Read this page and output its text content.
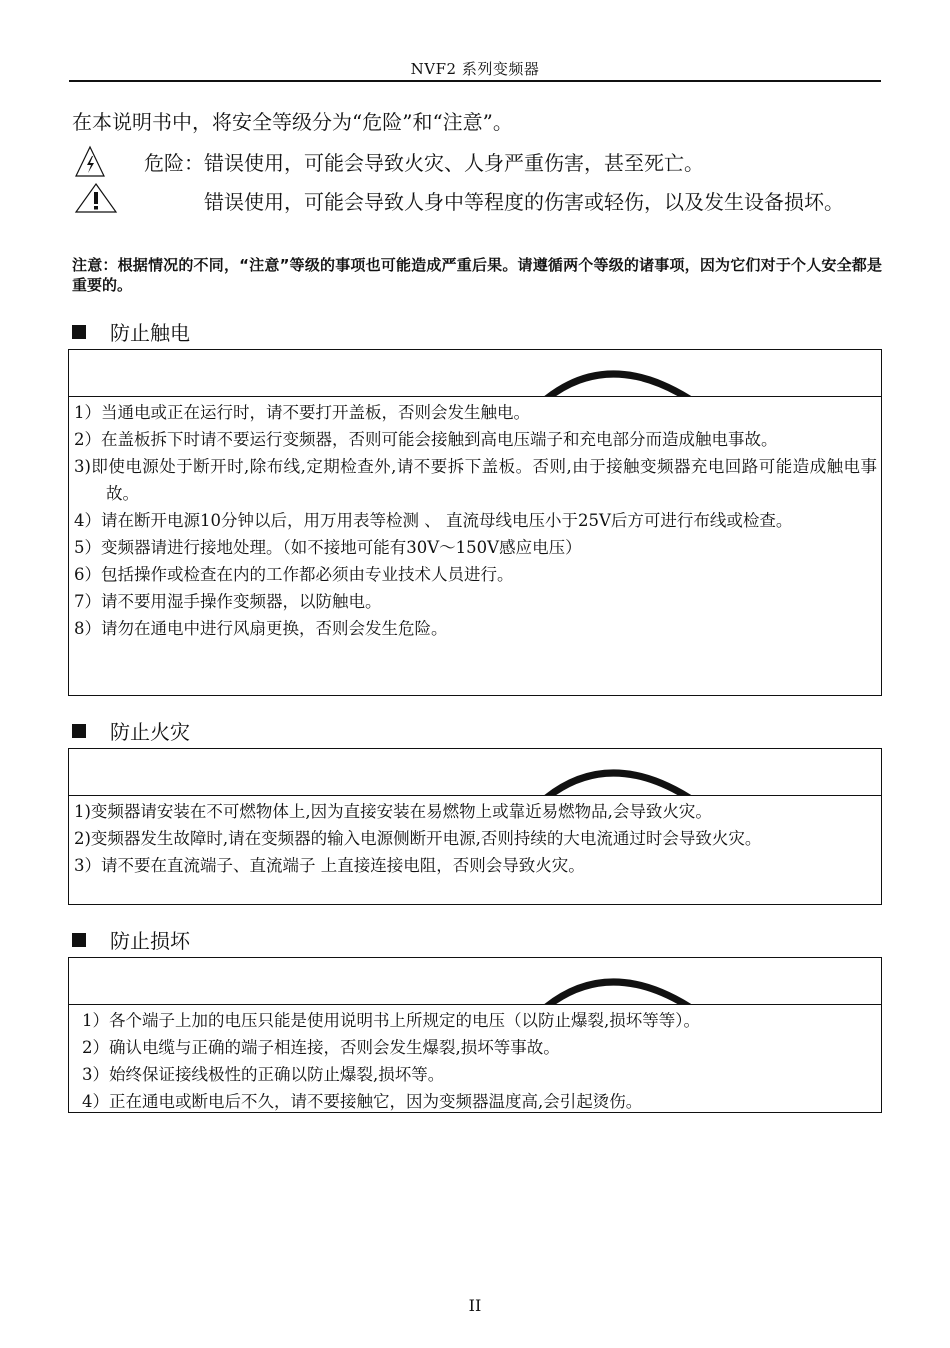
NVF2 系列变频器
在本说明书中，将安全等级分为“危险”和“注意”。
危险：错误使用，可能会导致火灾、人身严重伤害，甚至死亡。

错误使用，可能会导致人身中等程度的伤害或轻伤，以及发生设备损坏。

注意：根据情况的不同，“注意”等级的事项也可能造成严重后果。请遵循两个等级的诸事项，因为它们对于个人安全都是重要的。

防止触电
1）当通电或正在运行时，请不要打开盖板，否则会发生触电。
2）在盖板拆下时请不要运行变频器，否则可能会接触到高电压端子和充电部分而造成触电事故。
3)即使电源处于断开时,除布线,定期检查外,请不要拆下盖板。否则,由于接触变频器充电回路可能造成触电事故。
4）请在断开电源10分钟以后，用万用表等检测 、 直流母线电压小于25V后方可进行布线或检查。
5）变频器请进行接地处理。（如不接地可能有30V～150V感应电压）
6）包括操作或检查在内的工作都必须由专业技术人员进行。
7）请不要用湿手操作变频器，以防触电。
8）请勿在通电中进行风扇更换，否则会发生危险。
防止火灾
1)变频器请安装在不可燃物体上,因为直接安装在易燃物上或靠近易燃物品,会导致火灾。
2)变频器发生故障时,请在变频器的输入电源侧断开电源,否则持续的大电流通过时会导致火灾。
3）请不要在直流端子、直流端子 上直接连接电阻，否则会导致火灾。
防止损坏
1）各个端子上加的电压只能是使用说明书上所规定的电压（以防止爆裂,损坏等等）。
2）确认电缆与正确的端子相连接，否则会发生爆裂,损坏等事故。
3）始终保证接线极性的正确以防止爆裂,损坏等。
4）正在通电或断电后不久，请不要接触它，因为变频器温度高,会引起烫伤。
II
